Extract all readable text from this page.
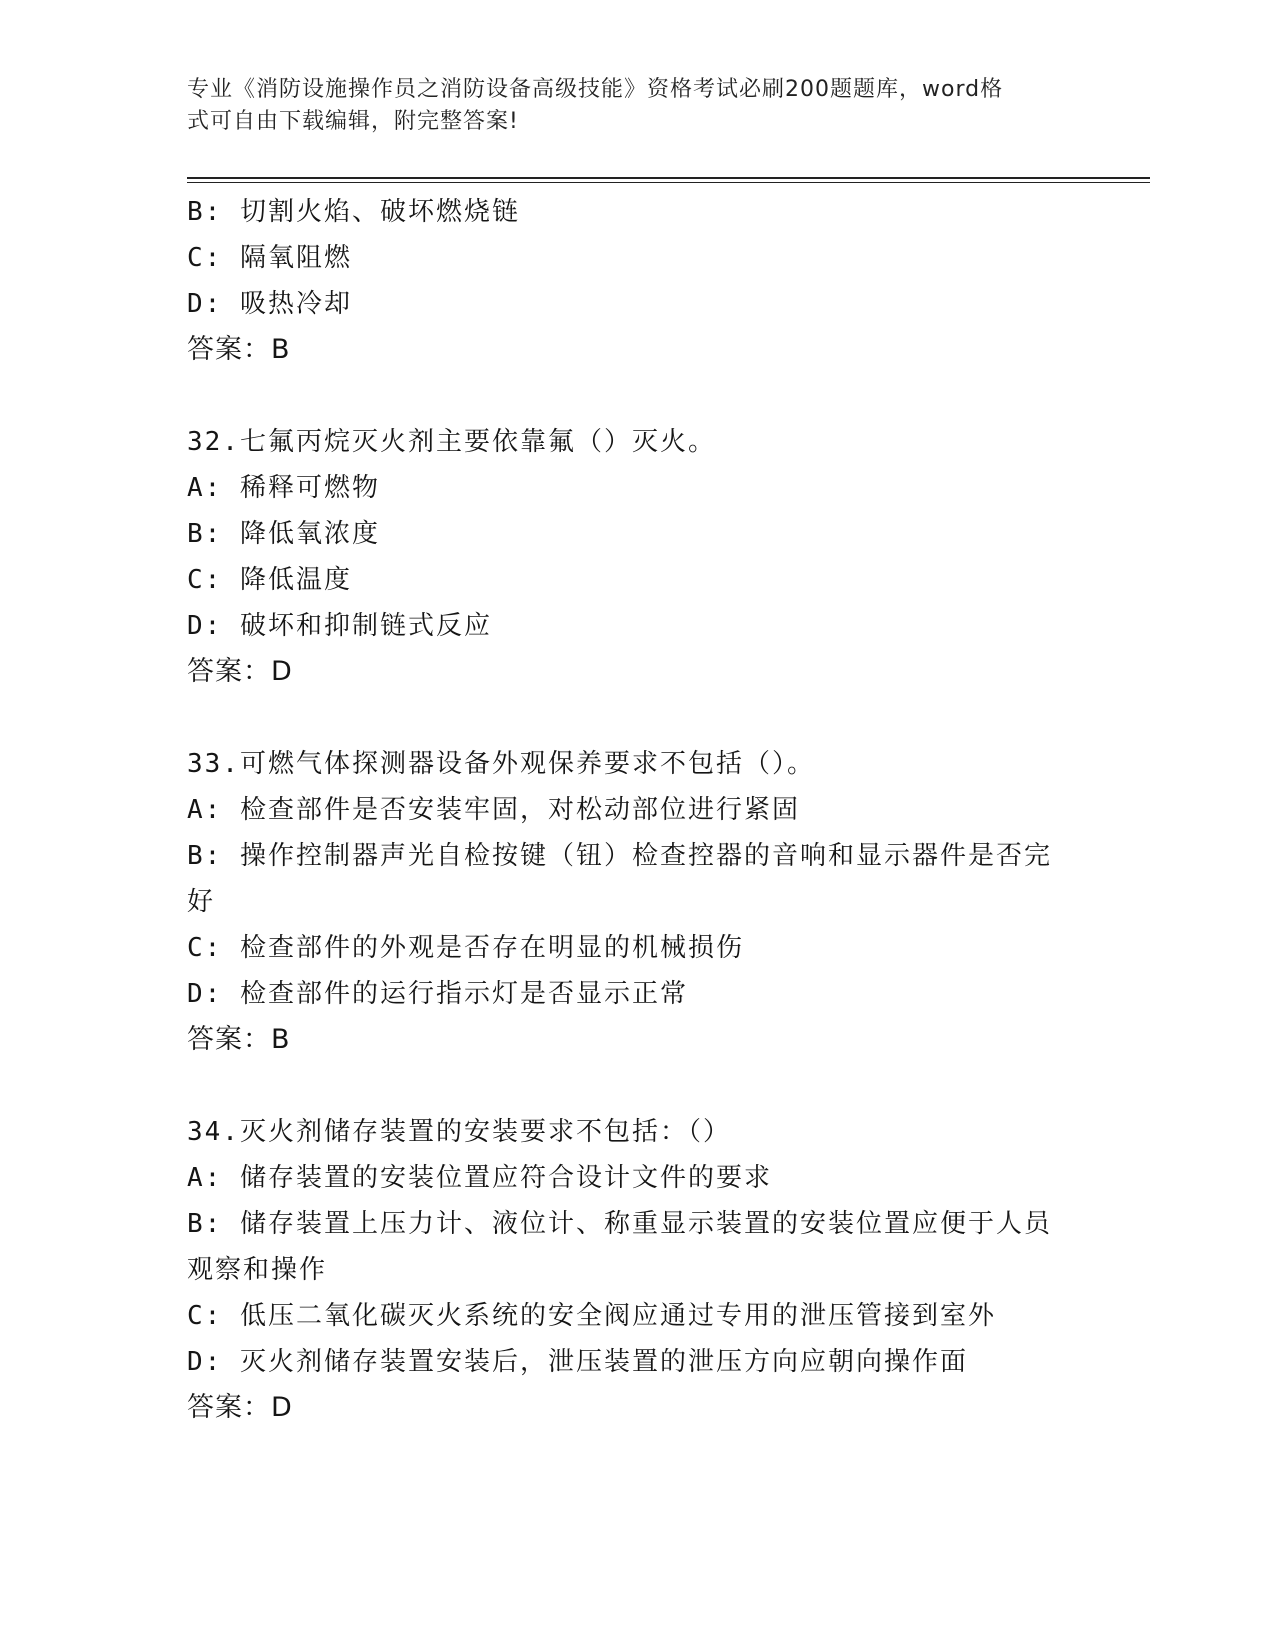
专业《消防设施操作员之消防设备高级技能》资格考试必刷200题题库，word格
式可自由下载编辑，附完整答案!
B: 切割火焰、破坏燃烧链
C: 隔氧阻燃
D: 吸热冷却
答案：B
32.七氟丙烷灭火剂主要依靠氟（）灭火。
A: 稀释可燃物
B: 降低氧浓度
C: 降低温度
D: 破坏和抑制链式反应
答案：D
33.可燃气体探测器设备外观保养要求不包括（）。
A: 检查部件是否安装牢固，对松动部位进行紧固
B: 操作控制器声光自检按键（钮）检查控器的音响和显示器件是否完
好
C: 检查部件的外观是否存在明显的机械损伤
D: 检查部件的运行指示灯是否显示正常
答案：B
34.灭火剂储存装置的安装要求不包括：（）
A: 储存装置的安装位置应符合设计文件的要求
B: 储存装置上压力计、液位计、称重显示装置的安装位置应便于人员
观察和操作
C: 低压二氧化碳灭火系统的安全阀应通过专用的泄压管接到室外
D: 灭火剂储存装置安装后，泄压装置的泄压方向应朝向操作面
答案：D
